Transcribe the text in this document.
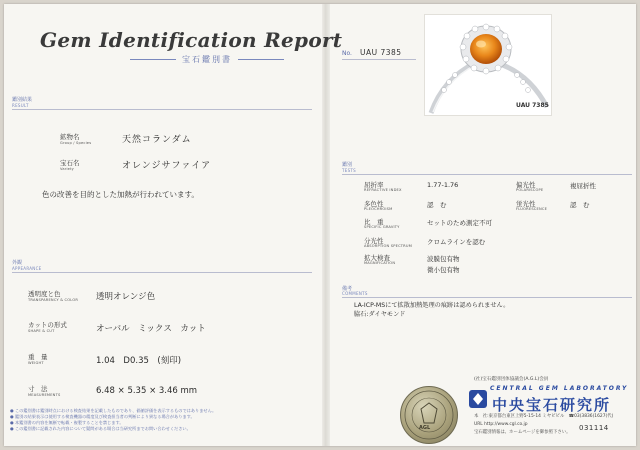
Gem Identification Report
宝石鑑別書
鑑別結果
RESULT
鉱物名
Group / Species	天然コランダム
宝石名
Variety	オレンジサファイア
色の改善を目的とした加熱が行われています。
外観
APPEARANCE
透明度と色
TRANSPARENCY & COLOR 透明オレンジ色
カットの形式
SHAPE & CUT	オーバル　ミックス　カット
重　量
WEIGHT	1.04　D0.35　(刻印)
寸　法
MEASUREMENTS	6.48 × 5.35 × 3.46 mm
● この鑑別書は鑑別時点における検査結果を記載したものであり、価値評価を表示するものではありません。
● 鑑別の結果表示は使用する検査機器の精度及び検査担当者の判断により異なる場合があります。
● 本鑑別書の内容を無断で転載・複製することを禁じます。
● この鑑別書に記載された内容について疑問がある場合は当研究所までお問い合わせください。
No. UAU 7385
UAU 7385
鑑別
TESTS
屈折率
REFRACTIVE INDEX
1.77-1.76
多色性
PLEOCHROISM	認　む
比　重
SPECIFIC GRAVITY	セットのため測定不可
分光性
ABSORPTION SPECTRUM クロムラインを認む
拡大検査
MAGNIFICATION	波膜包有物
微小包有物
偏光性
POLARISCOPE	複屈折性
蛍光性
FLUORESCENCE	認　む
備考
COMMENTS
LA-ICP-MSにて拡散加熱処理の痕跡は認められません。
脇石:ダイヤモンド
AGL
(社)宝石鑑別団体協議会(A.G.L)会員
CENTRAL GEM LABORATORY
中央宝石研究所
本　社:東京都台東区上野5-15-14 ミヤビビル　☎03(3836)1627(代)
URL http://www.cgl.co.jp
宝石鑑別情報は、ホームページを御参照下さい。
031114
